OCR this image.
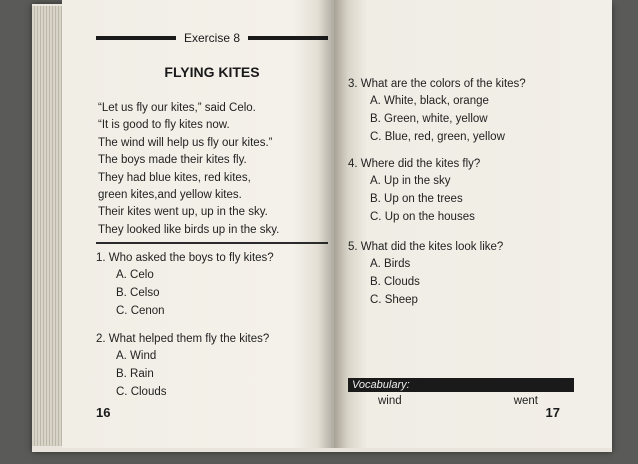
Exercise 8
FLYING KITES
“Let us fly our kites,” said Celo.
“It is good to fly kites now.
The wind will help us fly our kites.”
The boys made their kites fly.
They had blue kites, red kites,
green kites,and yellow kites.
Their kites went up, up in the sky.
They looked like birds up in the sky.
1. Who asked the boys to fly kites?
A. Celo
B. Celso
C. Cenon
2. What helped them fly the kites?
A. Wind
B. Rain
C. Clouds
16
3. What are the colors of the kites?
A. White, black, orange
B. Green, white, yellow
C. Blue, red, green, yellow
4. Where did the kites fly?
A. Up in the sky
B. Up on the trees
C. Up on the houses
5. What did the kites look like?
A. Birds
B. Clouds
C. Sheep
Vocabulary:
wind	went
17
